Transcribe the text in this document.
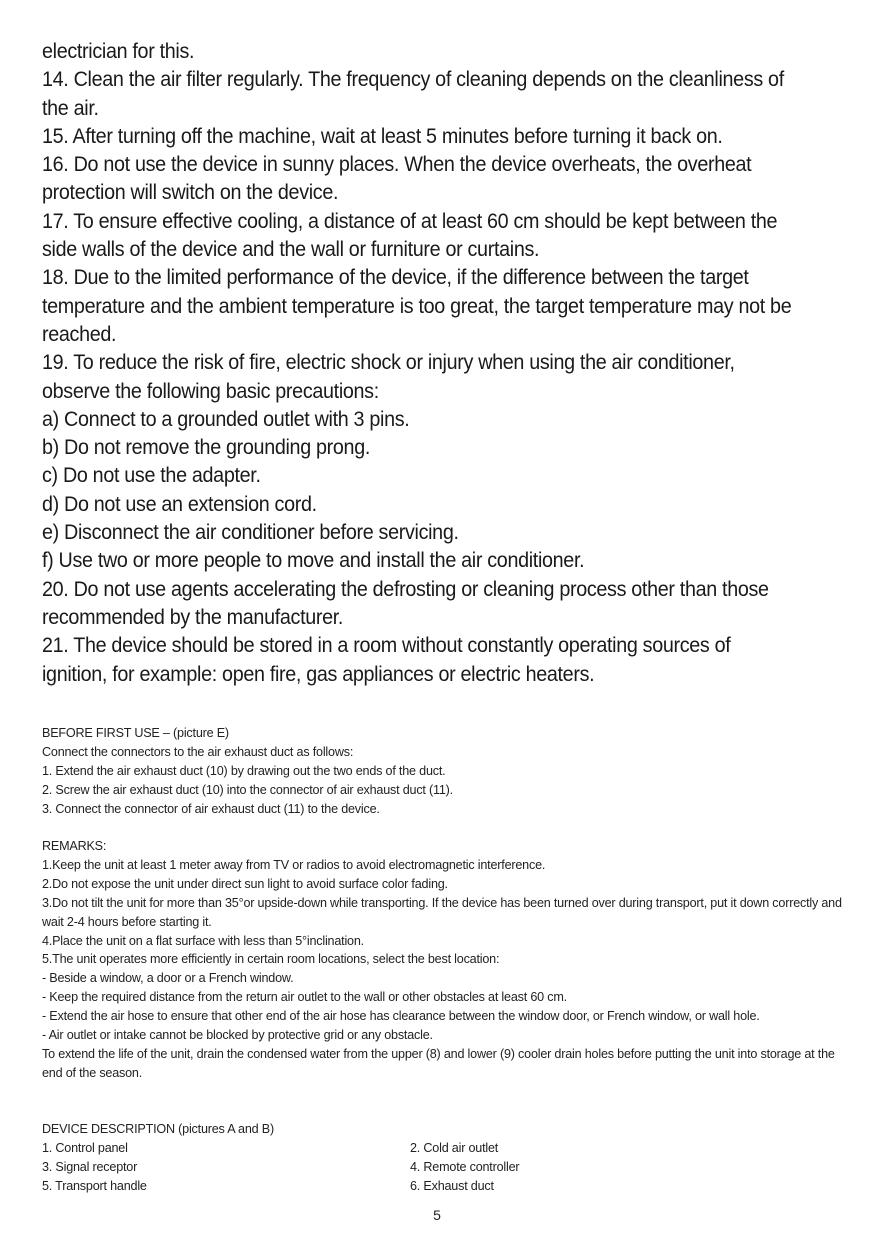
electrician for this.

14. Clean the air filter regularly. The frequency of cleaning depends on the cleanliness of the air.

15. After turning off the machine, wait at least 5 minutes before turning it back on.

16. Do not use the device in sunny places. When the device overheats, the overheat protection will switch on the device.

17. To ensure effective cooling, a distance of at least 60 cm should be kept between the side walls of the device and the wall or furniture or curtains.

18. Due to the limited performance of the device, if the difference between the target temperature and the ambient temperature is too great, the target temperature may not be reached.

19. To reduce the risk of fire, electric shock or injury when using the air conditioner, observe the following basic precautions:

a) Connect to a grounded outlet with 3 pins.

b) Do not remove the grounding prong.

c) Do not use the adapter.

d) Do not use an extension cord.

e) Disconnect the air conditioner before servicing.

f) Use two or more people to move and install the air conditioner.

20. Do not use agents accelerating the defrosting or cleaning process other than those recommended by the manufacturer.

21. The device should be stored in a room without constantly operating sources of ignition, for example: open fire, gas appliances or electric heaters.

BEFORE FIRST USE – (picture E)

Connect the connectors to the air exhaust duct as follows:

1. Extend the air exhaust duct (10) by drawing out the two ends of the duct.

2. Screw the air exhaust duct (10) into the connector of air exhaust duct (11).

3. Connect the connector of air exhaust duct (11) to the device.

REMARKS:

1.Keep the unit at least 1 meter away from TV or radios to avoid electromagnetic interference.

2.Do not expose the unit under direct sun light to avoid surface color fading.

3.Do not tilt the unit for more than 35°or upside-down while transporting. If the device has been turned over during transport, put it down correctly and wait 2-4 hours before starting it.

4.Place the unit on a flat surface with less than 5°inclination.

5.The unit operates more efficiently in certain room locations, select the best location:

- Beside a window, a door or a French window.

- Keep the required distance from the return air outlet to the wall or other obstacles at least 60 cm.

- Extend the air hose to ensure that other end of the air hose has clearance between the window door, or French window, or wall hole.

- Air outlet or intake cannot be blocked by protective grid or any obstacle.

To extend the life of the unit, drain the condensed water from the upper (8) and lower (9) cooler drain holes before putting the unit into storage at the end of the season.

DEVICE DESCRIPTION (pictures A and B)

1. Control panel	2. Cold air outlet
3. Signal receptor	4. Remote controller
5. Transport handle	6. Exhaust duct
5
